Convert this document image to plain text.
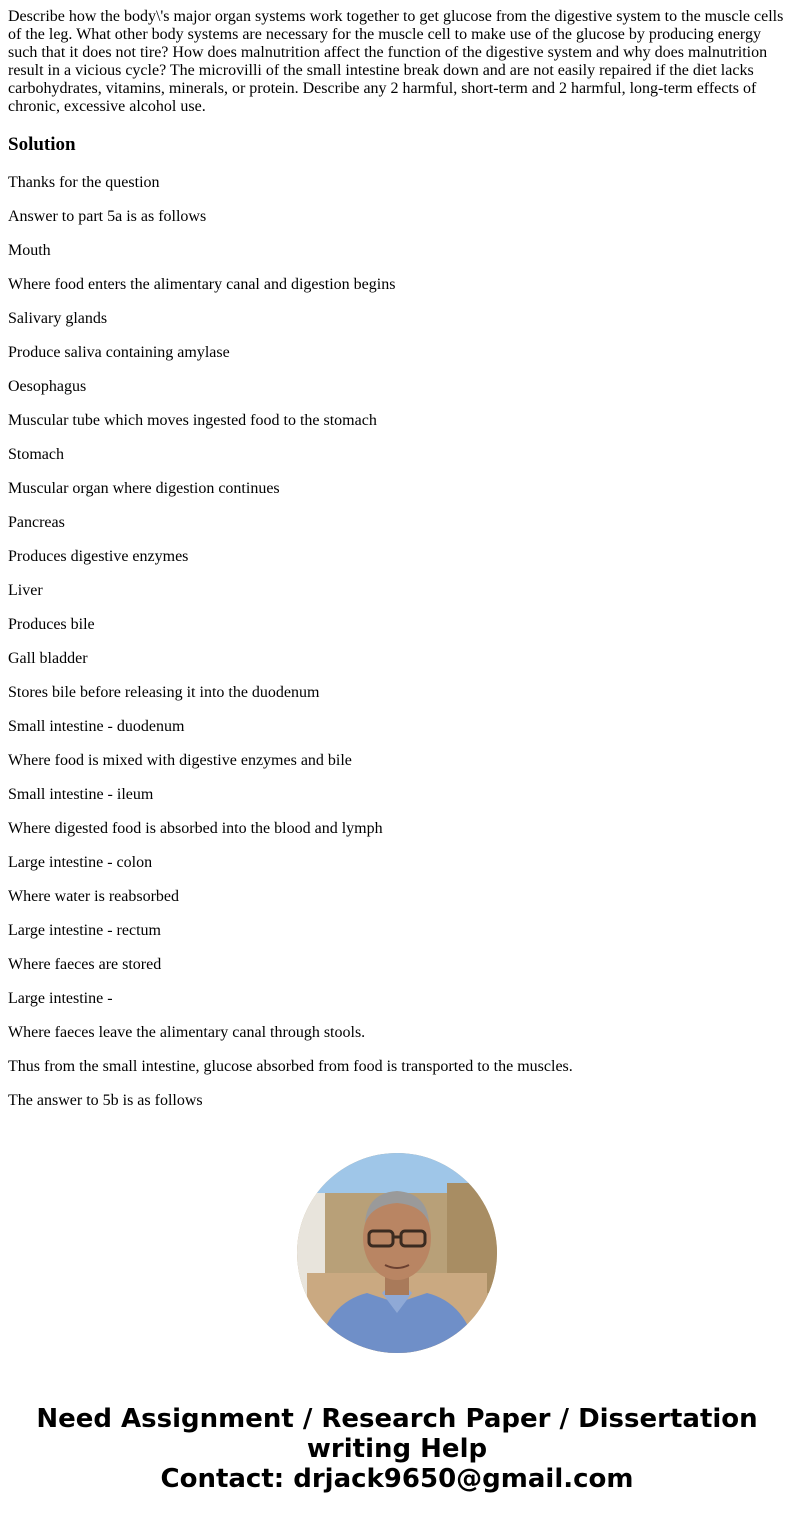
Describe how the body\'s major organ systems work together to get glucose from the digestive system to the muscle cells of the leg. What other body systems are necessary for the muscle cell to make use of the glucose by producing energy such that it does not tire? How does malnutrition affect the function of the digestive system and why does malnutrition result in a vicious cycle? The microvilli of the small intestine break down and are not easily repaired if the diet lacks carbohydrates, vitamins, minerals, or protein. Describe any 2 harmful, short-term and 2 harmful, long-term effects of chronic, excessive alcohol use.

Solution

Thanks for the question

Answer to part 5a is as follows

Mouth

Where food enters the alimentary canal and digestion begins

Salivary glands

Produce saliva containing amylase

Oesophagus

Muscular tube which moves ingested food to the stomach

Stomach

Muscular organ where digestion continues

Pancreas

Produces digestive enzymes

Liver

Produces bile

Gall bladder

Stores bile before releasing it into the duodenum

Small intestine - duodenum

Where food is mixed with digestive enzymes and bile

Small intestine - ileum

Where digested food is absorbed into the blood and lymph

Large intestine - colon

Where water is reabsorbed

Large intestine - rectum

Where faeces are stored

Large intestine -

Where faeces leave the alimentary canal through stools.

Thus from the small intestine, glucose absorbed from food is transported to the muscles.

The answer to 5b is as follows

Need Assignment / Research Paper / Dissertation
writing Help
Contact: drjack9650@gmail.com
